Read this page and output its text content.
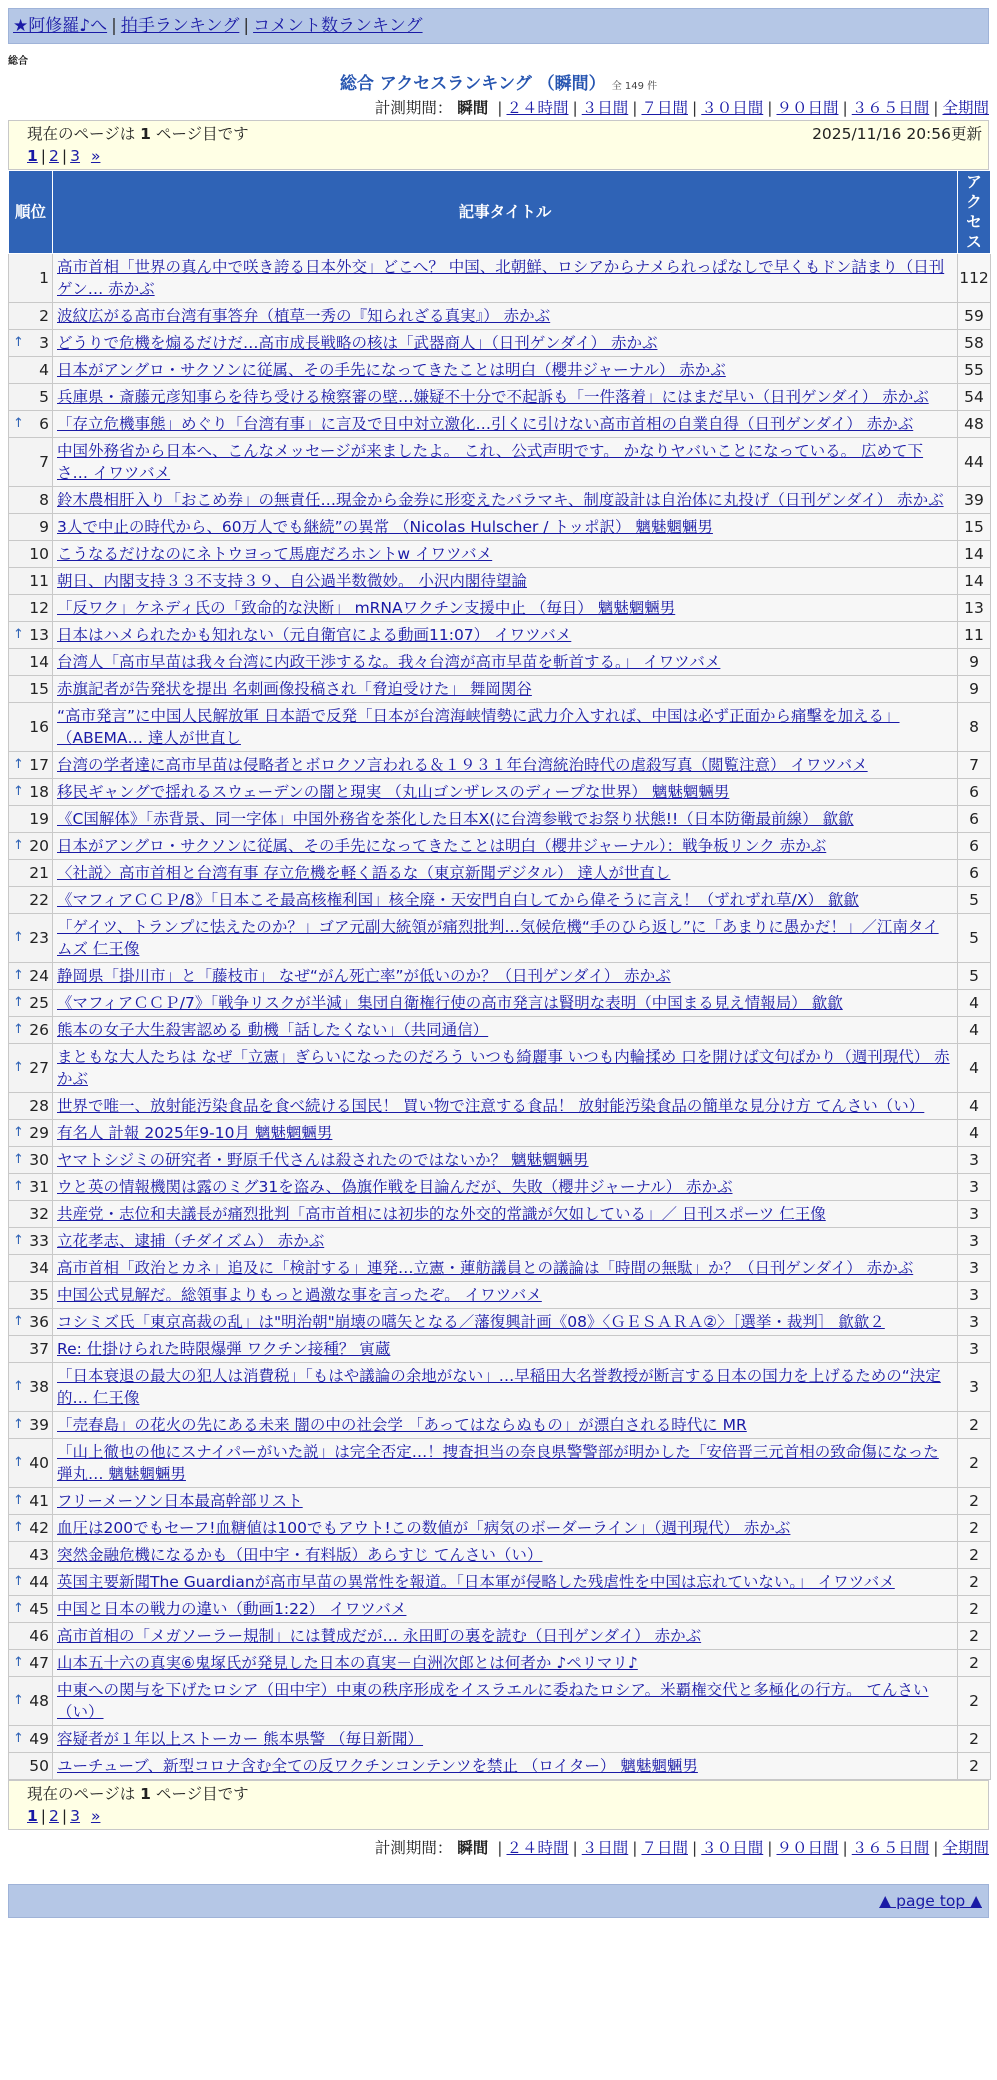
★阿修羅♪へ | 拍手ランキング | コメント数ランキング
総合
総合 アクセスランキング （瞬間） 全 149 件
計測期間： 瞬間 | ２４時間 | ３日間 | ７日間 | ３０日間 | ９０日間 | ３６５日間 | 全期間
現在のページは 1 ページ目です	2025/11/16 20:56更新
1 | 2 | 3 »
順位	記事タイトル	アクセス
1	高市首相「世界の真ん中で咲き誇る日本外交」どこへ？ 中国、北朝鮮、ロシアからナメられっぱなしで早くもドン詰まり（日刊ゲン… 赤かぶ	112
2	波紋広がる高市台湾有事答弁（植草一秀の『知られざる真実』） 赤かぶ	59

↑ 3	どうりで危機を煽るだけだ…高市成長戦略の核は「武器商人」（日刊ゲンダイ） 赤かぶ	58
4	日本がアングロ・サクソンに従属、その手先になってきたことは明白（櫻井ジャーナル） 赤かぶ	55
5	兵庫県・斎藤元彦知事らを待ち受ける検察審の壁…嫌疑不十分で不起訴も「一件落着」にはまだ早い（日刊ゲンダイ） 赤かぶ	54

↑ 6	「存立危機事態」めぐり「台湾有事」に言及で日中対立激化…引くに引けない高市首相の自業自得（日刊ゲンダイ） 赤かぶ	48
7	中国外務省から日本へ、こんなメッセージが来ましたよ。 これ、公式声明です。 かなりヤバいことになっている。 広めて下さ… イワツバメ	44
8	鈴木農相肝入り「おこめ券」の無責任…現金から金券に形変えたバラマキ、制度設計は自治体に丸投げ（日刊ゲンダイ） 赤かぶ	39
9	3人で中止の時代から、60万人でも継続”の異常 （Nicolas Hulscher / トッポ訳） 魑魅魍魎男	15
10	こうなるだけなのにネトウヨって馬鹿だろホントw イワツバメ	14
11	朝日、内閣支持３３不支持３９、自公過半数微妙。 小沢内閣待望論	14
12	「反ワク」ケネディ氏の「致命的な決断」 mRNAワクチン支援中止 （毎日） 魑魅魍魎男	13

↑ 13	日本はハメられたかも知れない（元自衛官による動画11:07） イワツバメ	11
14	台湾人「高市早苗は我々台湾に内政干渉するな。我々台湾が高市早苗を斬首する。」 イワツバメ	9
15	赤旗記者が告発状を提出 名刺画像投稿され「脅迫受けた」 舞岡関谷	9
16	“高市発言”に中国人民解放軍 日本語で反発「日本が台湾海峡情勢に武力介入すれば、中国は必ず正面から痛擊を加える」（ABEMA… 達人が世直し	8

↑ 17	台湾の学者達に高市早苗は侵略者とボロクソ言われる＆１９３１年台湾統治時代の虐殺写真（閲覧注意） イワツバメ	7

↑ 18	移民ギャングで揺れるスウェーデンの闇と現実 （丸山ゴンザレスのディープな世界） 魑魅魍魎男	6
19	《C国解体》「赤背景、同一字体」中国外務省を茶化した日本X(に台湾参戦でお祭り状態!!（日本防衛最前線） 歙歙	6

↑ 20	日本がアングロ・サクソンに従属、その手先になってきたことは明白（櫻井ジャーナル）：戦争板リンク 赤かぶ	6
21	〈社説〉高市首相と台湾有事 存立危機を軽く語るな（東京新聞デジタル） 達人が世直し	6
22	《マフィアＣＣＰ/8》「日本こそ最高核権利国」核全廃・天安門自白してから偉そうに言え！（ずれずれ草/X） 歙歙	5

↑ 23	「ゲイツ、トランプに怯えたのか？」ゴア元副大統領が痛烈批判…気候危機“手のひら返し”に「あまりに愚かだ！」／江南タイムズ 仁王像	5

↑ 24	静岡県「掛川市」と「藤枝市」 なぜ“がん死亡率”が低いのか？（日刊ゲンダイ） 赤かぶ	5

↑ 25	《マフィアＣＣＰ/7》「戦争リスクが半減」集団自衛権行使の高市発言は賢明な表明（中国まる見え情報局） 歙歙	4

↑ 26	熊本の女子大生殺害認める 動機「話したくない」（共同通信）	4

↑ 27	まともな大人たちは なぜ「立憲」ぎらいになったのだろう いつも綺麗事 いつも内輪揉め 口を開けば文句ばかり（週刊現代） 赤かぶ	4
28	世界で唯一、放射能汚染食品を食べ続ける国民！ 買い物で注意する食品！ 放射能汚染食品の簡単な見分け方 てんさい（い）	4

↑ 29	有名人 計報 2025年9-10月 魑魅魍魎男	4

↑ 30	ヤマトシジミの研究者・野原千代さんは殺されたのではないか？ 魑魅魍魎男	3

↑ 31	ウと英の情報機関は露のミグ31を盗み、偽旗作戦を目論んだが、失敗（櫻井ジャーナル） 赤かぶ	3
32	共産党・志位和夫議長が痛烈批判「高市首相には初歩的な外交的常識が欠如している」／ 日刊スポーツ 仁王像	3

↑ 33	立花孝志、逮捕（チダイズム） 赤かぶ	3
34	高市首相「政治とカネ」追及に「検討する」連発…立憲・蓮舫議員との議論は「時間の無駄」か？（日刊ゲンダイ） 赤かぶ	3
35	中国公式見解だ。総領事よりもっと過激な事を言ったぞ。 イワツバメ	3

↑ 36	コシミズ氏「東京高裁の乱」は"明治朝"崩壊の嚆矢となる／藩復興計画《08》〈ＧＥＳＡＲＡ②〉［選挙・裁判］ 歙歙２	3
37	Re: 仕掛けられた時限爆弾 ワクチン接種？ 寅蔵	3

↑ 38	「日本衰退の最大の犯人は消費税」「もはや議論の余地がない」…早稲田大名誉教授が断言する日本の国力を上げるための“決定的… 仁王像	3

↑ 39	「売春島」の花火の先にある未来 闇の中の社会学 「あってはならぬもの」が漂白される時代に MR	2

↑ 40	「山上徹也の他にスナイパーがいた説」は完全否定…！捜査担当の奈良県警警部が明かした「安倍晋三元首相の致命傷になった弾丸… 魑魅魍魎男	2

↑ 41	フリーメーソン日本最高幹部リスト	2

↑ 42	血圧は200でもセーフ!血糖値は100でもアウト!この数値が「病気のボーダーライン」（週刊現代） 赤かぶ	2
43	突然金融危機になるかも（田中宇・有料版）あらすじ てんさい（い）	2

↑ 44	英国主要新聞The Guardianが高市早苗の異常性を報道。「日本軍が侵略した残虐性を中国は忘れていない。」 イワツバメ	2

↑ 45	中国と日本の戦力の違い（動画1:22） イワツバメ	2
46	高市首相の「メガソーラー規制」には賛成だが… 永田町の裏を読む（日刊ゲンダイ） 赤かぶ	2

↑ 47	山本五十六の真実⑥鬼塚氏が発見した日本の真実－白洲次郎とは何者か ♪ペリマリ♪	2

↑ 48	中東への関与を下げたロシア（田中宇）中東の秩序形成をイスラエルに委ねたロシア。米覇権交代と多極化の行方。 てんさい（い）	2

↑ 49	容疑者が１年以上ストーカー 熊本県警 （毎日新聞）	2
50	ユーチューブ、新型コロナ含む全ての反ワクチンコンテンツを禁止 （ロイター） 魑魅魍魎男	2
現在のページは 1 ページ目です
1 | 2 | 3 »
計測期間： 瞬間 | ２４時間 | ３日間 | ７日間 | ３０日間 | ９０日間 | ３６５日間 | 全期間
▲ page top ▲
